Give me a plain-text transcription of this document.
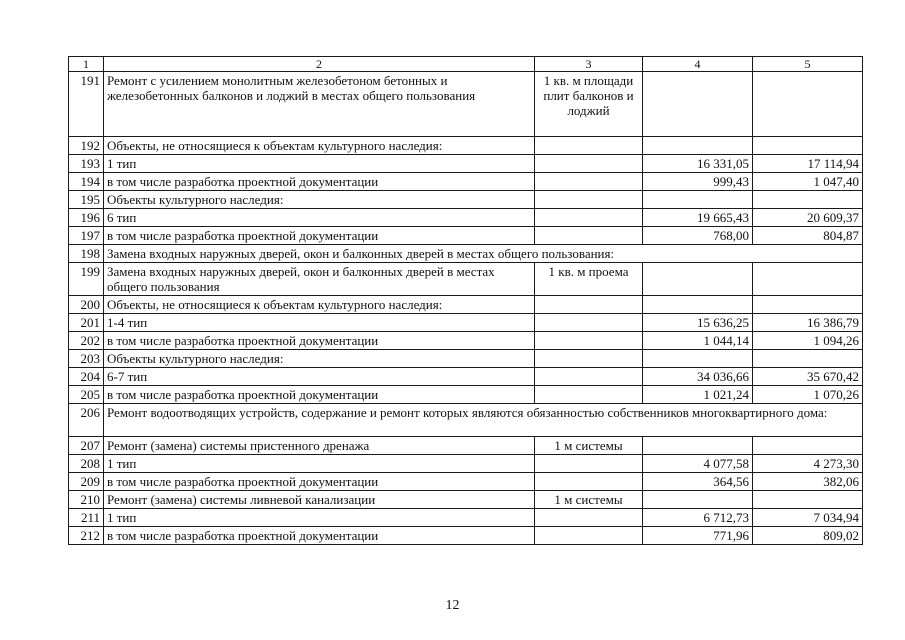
1	2	3	4	5
191	Ремонт с усилением монолитным железобетоном бетонных и железобетонных балконов и лоджий в местах общего пользования	1 кв. м площади плит балконов и лоджий		
192	Объекты, не относящиеся к объектам культурного наследия:			
193	1 тип		16 331,05	17 114,94
194	в том числе разработка проектной документации		999,43	1 047,40
195	Объекты культурного наследия:			
196	6 тип		19 665,43	20 609,37
197	в том числе разработка проектной документации		768,00	804,87
198	Замена входных наружных дверей, окон и балконных дверей в местах общего пользования:			
199	Замена входных наружных дверей, окон и балконных дверей в местах общего пользования	1 кв. м проема		
200	Объекты, не относящиеся к объектам культурного наследия:			
201	1-4 тип		15 636,25	16 386,79
202	в том числе разработка проектной документации		1 044,14	1 094,26
203	Объекты культурного наследия:			
204	6-7 тип		34 036,66	35 670,42
205	в том числе разработка проектной документации		1 021,24	1 070,26
206	Ремонт водоотводящих устройств, содержание и ремонт которых являются обязанностью собственников многоквартирного дома:			
207	Ремонт (замена) системы пристенного дренажа	1 м системы		
208	1 тип		4 077,58	4 273,30
209	в том числе разработка проектной документации		364,56	382,06
210	Ремонт (замена) системы ливневой канализации	1 м системы		
211	1 тип		6 712,73	7 034,94
212	в том числе разработка проектной документации		771,96	809,02
12
